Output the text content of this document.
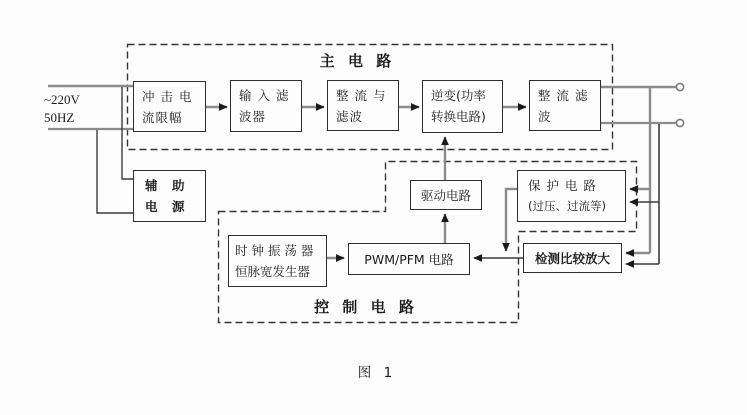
主 电 路
控 制 电 路
~220V
50HZ
冲 击 电
流限幅
输 入 滤
波器
整 流 与
滤波
逆变(功率
转换电路)
整 流 滤
波
辅　助
电　源
驱动电路
保 护 电 路
(过压、过流等)
时 钟 振 荡 器
恒脉宽发生器
PWM/PFM 电路	检测比较放大
图 1
